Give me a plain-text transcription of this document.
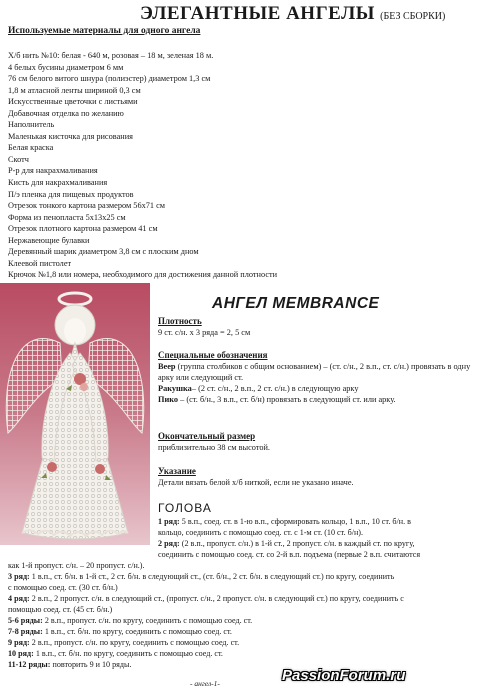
ЭЛЕГАНТНЫЕ АНГЕЛЫ (БЕЗ СБОРКИ)
Используемые материалы для одного ангела
Х/б нить №10: белая - 640 м, розовая – 18 м, зеленая 18 м.
4 белых бусины диаметром 6 мм
76 см белого витого шнура (полиэстер) диаметром 1,3 см
1,8 м атласной ленты шириной 0,3 см
Искусственные цветочки с листьями
Добавочная отделка по желанию
Наполнитель
Маленькая кисточка для рисования
Белая краска
Скотч
Р-р для накрахмаливания
Кисть для накрахмаливания
П/э пленка для пищевых продуктов
Отрезок тонкого картона размером 56х71 см
Форма из пенопласта 5х13х25 см
Отрезок плотного картона размером 41 см
Нержавеющие булавки
Деревянный шарик диаметром 3,8 см с плоским дном
Клеевой пистолет
Крючок №1,8 или номера, необходимого для достижения данной плотности
АНГЕЛ MEMBRANCE
Плотность
9 ст. с/н. х 3 ряда = 2, 5 см
Специальные обозначения
Веер (группа столбиков с общим основанием) – (ст. с/н., 2 в.п., ст. с/н.) провязать в одну арку или следующий ст.
Ракушка– (2 ст. с/н., 2 в.п., 2 ст. с/н.) в следующую арку
Пико – (ст. б/н., 3 в.п., ст. б/н) провязать в следующий ст. или арку.
Окончательный размер
приблизительно 38 см высотой.
Указание
Детали вязать белой х/б ниткой, если не указано иначе.
ГОЛОВА
1 ряд: 5 в.п., соед. ст. в 1-ю в.п., сформировать кольцо, 1 в.п., 10 ст. б/н. в
кольцо, соединить с помощью соед. ст. с 1-м ст. (10 ст. б/н).
2 ряд: (2 в.п., пропуст. с/н.) в 1-й ст., 2 пропуст. с/н. в каждый ст. по кругу,
соединить с помощью соед. ст. со 2-й в.п. подъема (первые 2 в.п. считаются
как 1-й пропуст. с/н. – 20 пропуст. с/н.).
3 ряд: 1 в.п., ст. б/н. в 1-й ст., 2 ст. б/н. в следующий ст., (ст. б/н., 2 ст. б/н. в следующий ст.) по кругу, соединить
с помощью соед. ст. (30 ст. б/н.)
4 ряд: 2 в.п., 2 пропуст. с/н. в следующий ст., (пропуст. с/н., 2 пропуст. с/н. в следующий ст.) по кругу, соединить с
помощью соед. ст. (45 ст. б/н.)
5-6 ряды: 2 в.п., пропуст. с/н. по кругу, соединить с помощью соед. ст.
7-8 ряды: 1 в.п., ст. б/н. по кругу, соединить с помощью соед. ст.
9 ряд: 2 в.п., пропуст. с/н. по кругу, соединить с помощью соед. ст.
10 ряд: 1 в.п., ст. б/н. по кругу, соединить с помощью соед. ст.
11-12 ряды: повторить 9 и 10 ряды.
- ангел-1-	PassionForum.ru
